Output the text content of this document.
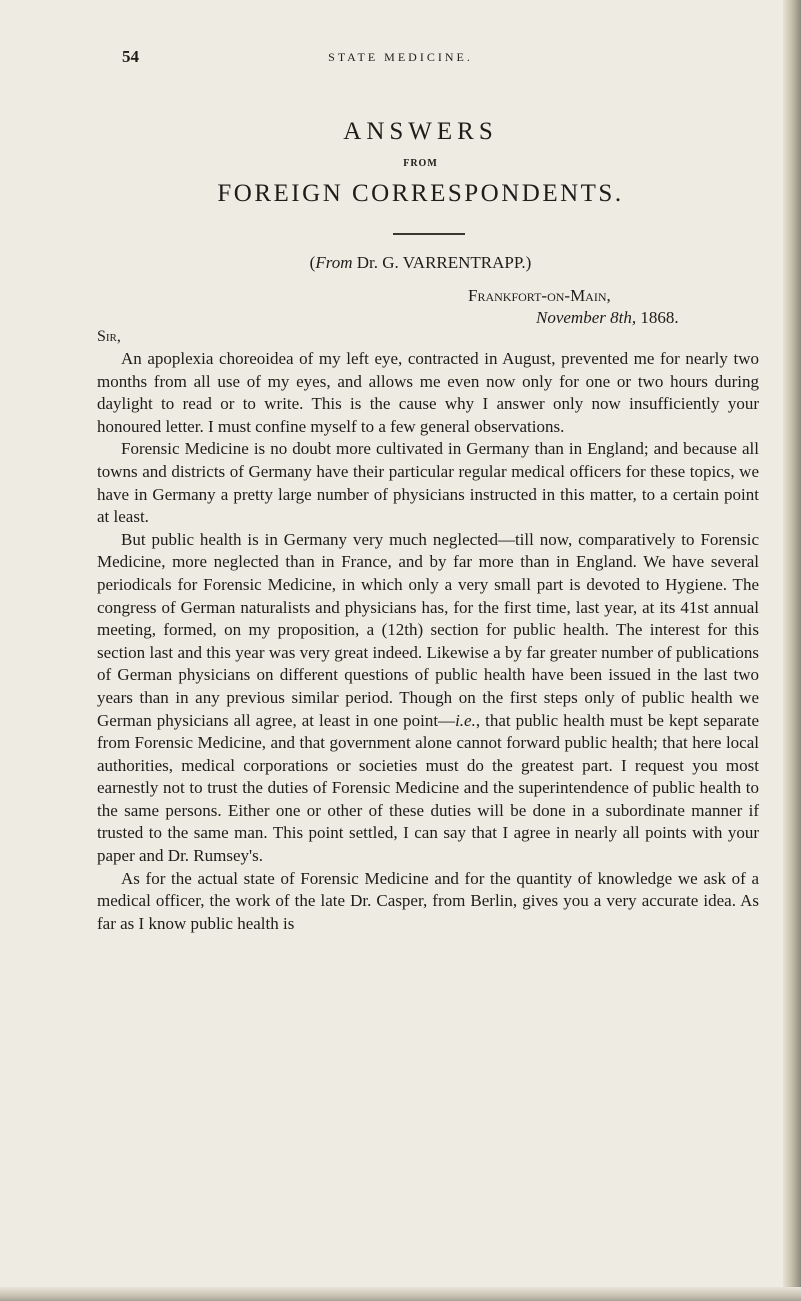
54	STATE MEDICINE.

ANSWERS

FROM

FOREIGN CORRESPONDENTS.

(From Dr. G. VARRENTRAPP.)

Frankfort-on-Main,

November 8th, 1868.

Sir,

An apoplexia choreoidea of my left eye, contracted in August, prevented me for nearly two months from all use of my eyes, and allows me even now only for one or two hours during daylight to read or to write. This is the cause why I answer only now insufficiently your honoured letter. I must confine myself to a few general observations.

Forensic Medicine is no doubt more cultivated in Germany than in England; and because all towns and districts of Germany have their particular regular medical officers for these topics, we have in Germany a pretty large number of physicians instructed in this matter, to a certain point at least.

But public health is in Germany very much neglected—till now, comparatively to Forensic Medicine, more neglected than in France, and by far more than in England. We have several periodicals for Forensic Medicine, in which only a very small part is devoted to Hygiene. The congress of German naturalists and physicians has, for the first time, last year, at its 41st annual meeting, formed, on my proposition, a (12th) section for public health. The interest for this section last and this year was very great indeed. Likewise a by far greater number of publications of German physicians on different questions of public health have been issued in the last two years than in any previous similar period. Though on the first steps only of public health we German physicians all agree, at least in one point—i.e., that public health must be kept separate from Forensic Medicine, and that government alone cannot forward public health; that here local authorities, medical corporations or societies must do the greatest part. I request you most earnestly not to trust the duties of Forensic Medicine and the superintendence of public health to the same persons. Either one or other of these duties will be done in a subordinate manner if trusted to the same man. This point settled, I can say that I agree in nearly all points with your paper and Dr. Rumsey's.

As for the actual state of Forensic Medicine and for the quantity of knowledge we ask of a medical officer, the work of the late Dr. Casper, from Berlin, gives you a very accurate idea. As far as I know public health is
